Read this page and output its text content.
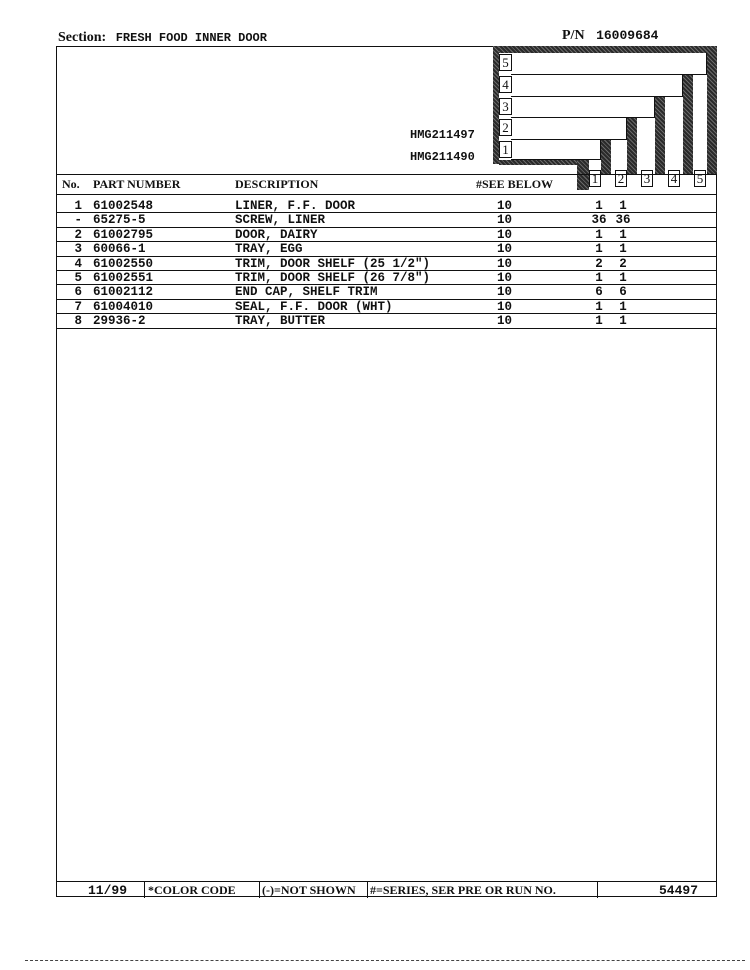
Section: FRESH FOOD INNER DOOR	P/N 16009684
5
4
3
2
1
HMG211497
HMG211490
1 2 3 4 5
No. PART NUMBER	DESCRIPTION	#SEE BELOW
1 61002548	LINER, F.F. DOOR	10	1	1
- 65275-5	SCREW, LINER	10	36 36
2 61002795	DOOR, DAIRY	10	1	1
3 60066-1	TRAY, EGG	10	1	1
4 61002550	TRIM, DOOR SHELF (25 1/2")	10	2	2
5 61002551	TRIM, DOOR SHELF (26 7/8")	10	1	1
6 61002112	END CAP, SHELF TRIM	10	6	6
7 61004010	SEAL, F.F. DOOR (WHT)	10	1	1
8 29936-2	TRAY, BUTTER	10	1	1
11/99 *COLOR CODE (-)=NOT SHOWN #=SERIES, SER PRE OR RUN NO.	54497
